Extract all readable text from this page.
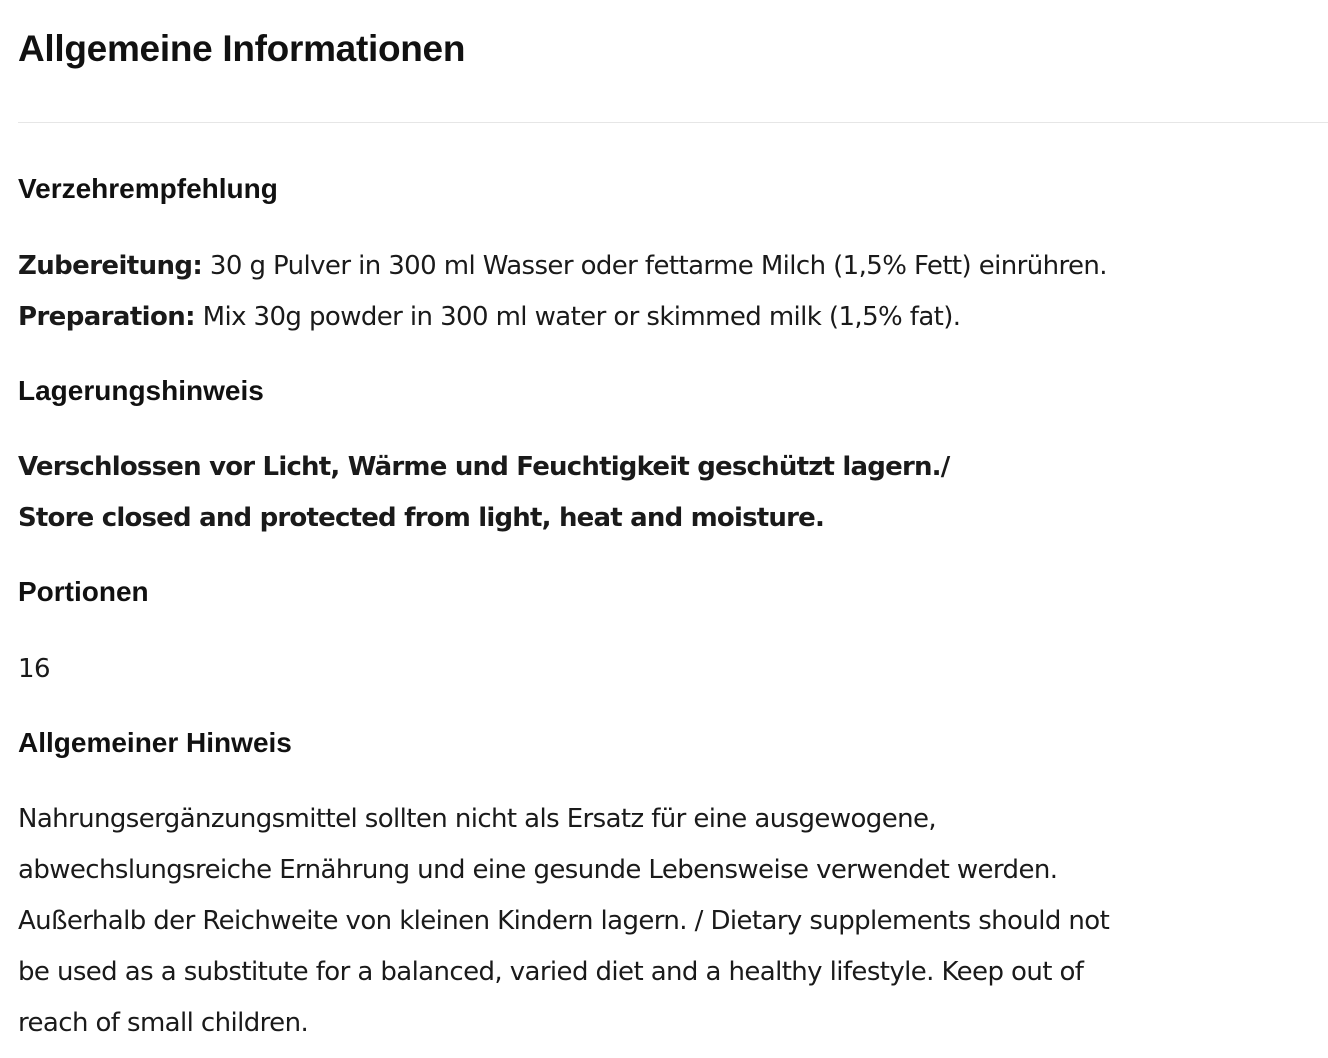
Allgemeine Informationen
Verzehrempfehlung

Zubereitung: 30 g Pulver in 300 ml Wasser oder fettarme Milch (1,5% Fett) einrühren.

Preparation: Mix 30g powder in 300 ml water or skimmed milk (1,5% fat).

Lagerungshinweis

Verschlossen vor Licht, Wärme und Feuchtigkeit geschützt lagern./

Store closed and protected from light, heat and moisture.

Portionen

16

Allgemeiner Hinweis

Nahrungsergänzungsmittel sollten nicht als Ersatz für eine ausgewogene,

abwechslungsreiche Ernährung und eine gesunde Lebensweise verwendet werden.

Außerhalb der Reichweite von kleinen Kindern lagern. / Dietary supplements should not

be used as a substitute for a balanced, varied diet and a healthy lifestyle. Keep out of

reach of small children.
